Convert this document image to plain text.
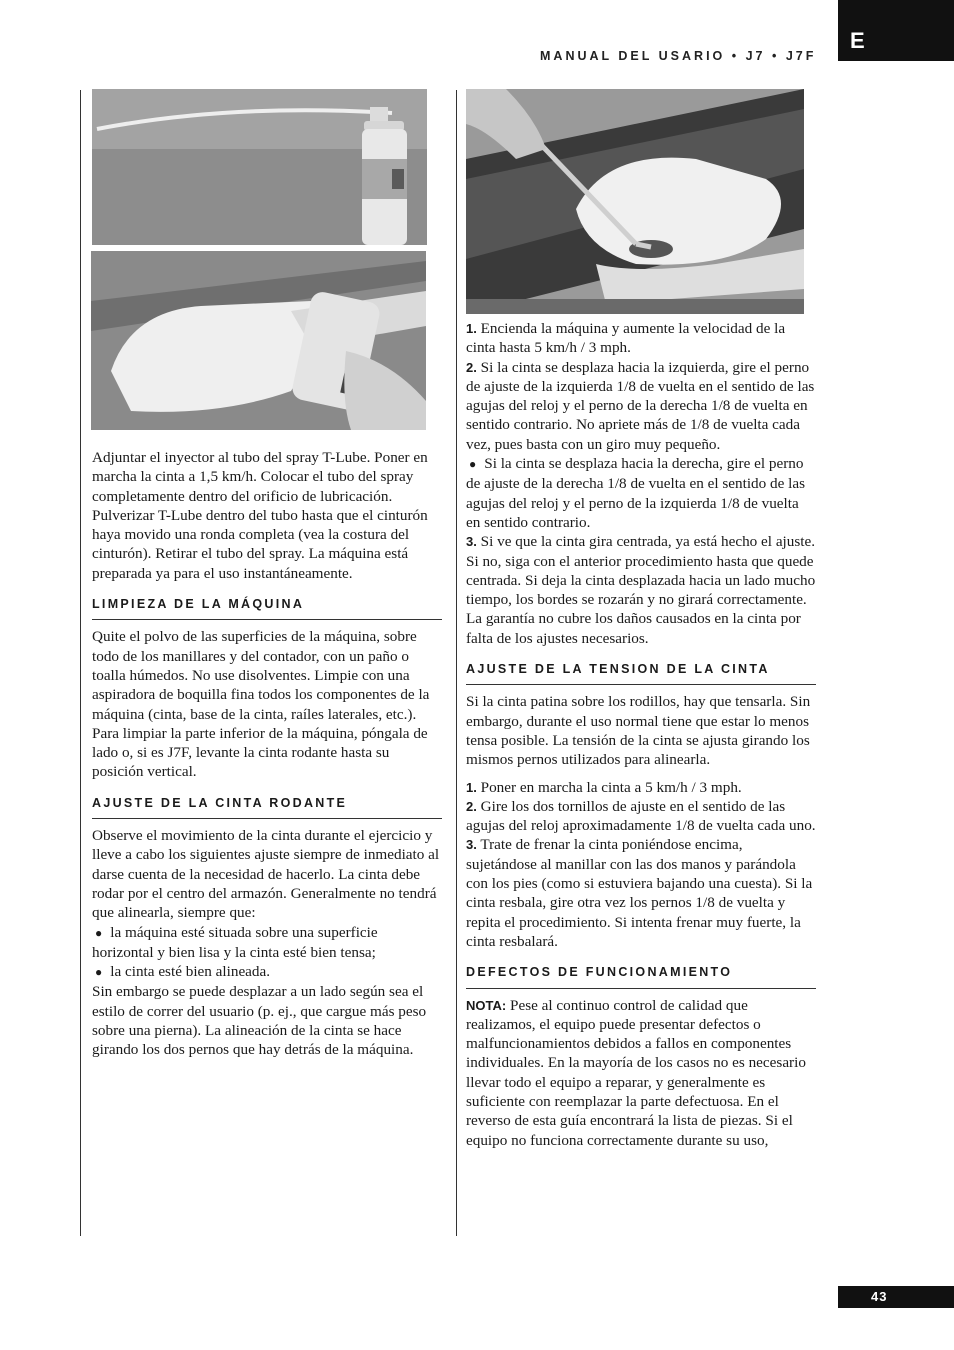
E
MANUAL DEL USARIO • J7 • J7F

Adjuntar el inyector al tubo del spray T-Lube. Poner en marcha la cinta a 1,5 km/h. Colocar el tubo del spray completamente dentro del orificio de lubricación. Pulverizar T-Lube dentro del tubo hasta que el cinturón haya movido una ronda completa (vea la costura del cinturón). Retirar el tubo del spray. La máquina está preparada ya para el uso instantáneamente.

LIMPIEZA DE LA MÁQUINA

Quite el polvo de las superficies de la máquina, sobre todo de los manillares y del contador, con un paño o toalla húmedos. No use disolventes. Limpie con una aspiradora de boquilla fina todos los componentes de la máquina (cinta, base de la cinta, raíles laterales, etc.). Para limpiar la parte inferior de la máquina, póngala de lado o, si es J7F, levante la cinta rodante hasta su posición vertical.

AJUSTE DE LA CINTA RODANTE

Observe el movimiento de la cinta durante el ejercicio y lleve a cabo los siguientes ajuste siempre de inmediato al darse cuenta de la necesidad de hacerlo. La cinta debe rodar por el centro del armazón. Generalmente no tendrá que alinearla, siempre que:

● la máquina esté situada sobre una superficie horizontal y bien lisa y la cinta esté bien tensa;

● la cinta esté bien alineada.

Sin embargo se puede desplazar a un lado según sea el estilo de correr del usuario (p. ej., que cargue más peso sobre una pierna). La alineación de la cinta se hace girando los dos pernos que hay detrás de la máquina.

1. Encienda la máquina y aumente la velocidad de la cinta hasta 5 km/h / 3 mph.

2. Si la cinta se desplaza hacia la izquierda, gire el perno de ajuste de la izquierda 1/8 de vuelta en el sentido de las agujas del reloj y el perno de la derecha 1/8 de vuelta en sentido contrario. No apriete más de 1/8 de vuelta cada vez, pues basta con un giro muy pequeño.

● Si la cinta se desplaza hacia la derecha, gire el perno de ajuste de la derecha 1/8 de vuelta en el sentido de las agujas del reloj y el perno de la izquierda 1/8 de vuelta en sentido contrario.

3. Si ve que la cinta gira centrada, ya está hecho el ajuste. Si no, siga con el anterior procedimiento hasta que quede centrada. Si deja la cinta desplazada hacia un lado mucho tiempo, los bordes se rozarán y no girará correctamente. La garantía no cubre los daños causados en la cinta por falta de los ajustes necesarios.

AJUSTE DE LA TENSION DE LA CINTA

Si la cinta patina sobre los rodillos, hay que tensarla. Sin embargo, durante el uso normal tiene que estar lo menos tensa posible. La tensión de la cinta se ajusta girando los mismos pernos utilizados para alinearla.

1. Poner en marcha la cinta a 5 km/h / 3 mph.

2. Gire los dos tornillos de ajuste en el sentido de las agujas del reloj aproximadamente 1/8 de vuelta cada uno.

3. Trate de frenar la cinta poniéndose encima, sujetándose al manillar con las dos manos y parándola con los pies (como si estuviera bajando una cuesta). Si la cinta resbala, gire otra vez los pernos 1/8 de vuelta y repita el procedimiento. Si intenta frenar muy fuerte, la cinta resbalará.

DEFECTOS DE FUNCIONAMIENTO

NOTA: Pese al continuo control de calidad que realizamos, el equipo puede presentar defectos o malfuncionamientos debidos a fallos en componentes individuales. En la mayoría de los casos no es necesario llevar todo el equipo a reparar, y generalmente es suficiente con reemplazar la parte defectuosa. En el reverso de esta guía encontrará la lista de piezas. Si el equipo no funciona correctamente durante su uso,

43
